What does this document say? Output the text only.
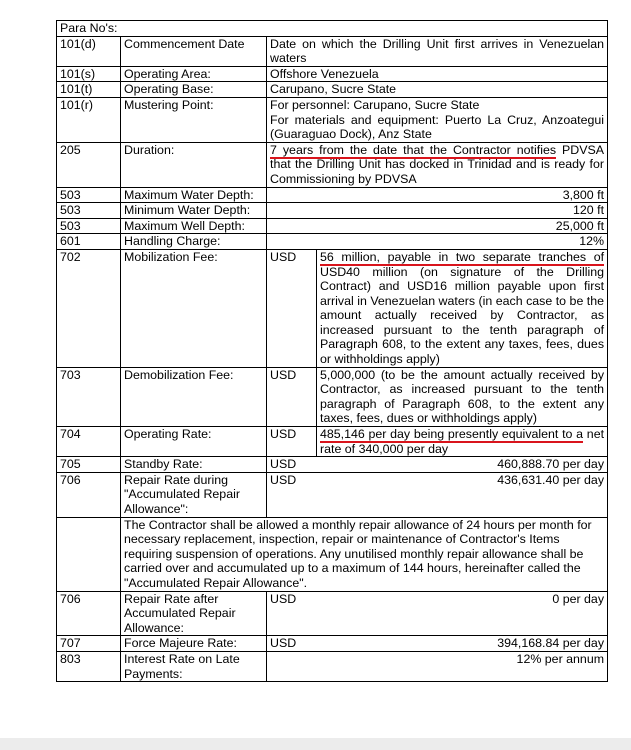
Para No's:			
101(d)	Commencement Date	Date on which the Drilling Unit first arrives in Venezuelan waters	
101(s)	Operating Area:	Offshore Venezuela	
101(t)	Operating Base:	Carupano, Sucre State	
101(r)	Mustering Point:	For personnel: Carupano, Sucre State
For materials and equipment: Puerto La Cruz, Anzoategui (Guaraguao Dock), Anz State	

205	Duration:	7 years from the date that the Contractor notifies PDVSA that the Drilling Unit has docked in Trinidad and is ready for Commissioning by PDVSA	
503	Maximum Water Depth:	3,800 ft	
503	Minimum Water Depth:	120 ft	
503	Maximum Well Depth:	25,000 ft	
601	Handling Charge:	12%	
702	Mobilization Fee:	USD	56 million, payable in two separate tranches of USD40 million (on signature of the Drilling Contract) and USD16 million payable upon first arrival in Venezuelan waters (in each case to be the amount actually received by Contractor, as increased pursuant to the tenth paragraph of Paragraph 608, to the extent any taxes, fees, dues or withholdings apply)
703	Demobilization Fee:	USD	5,000,000 (to be the amount actually received by Contractor, as increased pursuant to the tenth paragraph of Paragraph 608, to the extent any taxes, fees, dues or withholdings apply)
704	Operating Rate:	USD	485,146 per day being presently equivalent to a net rate of 340,000 per day
705	Standby Rate:	USD	460,888.70 per day
706	Repair Rate during "Accumulated Repair Allowance":	USD	436,631.40 per day
	The Contractor shall be allowed a monthly repair allowance of 24 hours per month for necessary replacement, inspection, repair or maintenance of Contractor's Items requiring suspension of operations. Any unutilised monthly repair allowance shall be carried over and accumulated up to a maximum of 144 hours, hereinafter called the "Accumulated Repair Allowance".		
706	Repair Rate after Accumulated Repair Allowance:	USD	0 per day
707	Force Majeure Rate:	USD	394,168.84 per day
803	Interest Rate on Late Payments:	12% per annum	
